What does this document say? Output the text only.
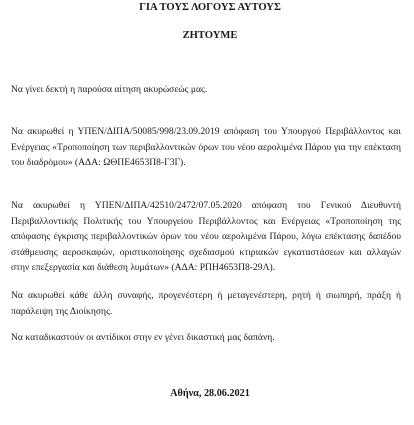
ΓΙΑ ΤΟΥΣ ΛΟΓΟΥΣ ΑΥΤΟΥΣ

ΖΗΤΟΥΜΕ

Να γίνει δεκτή η παρούσα αίτηση ακυρώσεώς μας.

Να ακυρωθεί η ΥΠΕΝ/ΔΙΠΑ/50085/998/23.09.2019 απόφαση του Υπουργού Περιβάλλοντος και Ενέργειας «Τροποποίηση των περιβαλλοντικών όρων του νέου αερολιμένα Πάρου για την επέκταση του διαδρόμου» (ΑΔΑ: ΩΘΠΕ4653Π8-Γ3Γ).

Να ακυρωθεί η ΥΠΕΝ/ΔΙΠΑ/42510/2472/07.05.2020 απόφαση του Γενικού Διευθυντή Περιβαλλοντικής Πολιτικής του Υπουργείου Περιβάλλοντος και Ενέργειας «Τροποποίηση της απόφασης έγκρισης περιβαλλοντικών όρων του νέου αερολιμένα Πάρου, λόγω επέκτασης δαπέδου στάθμευσης αεροσκαφών, οριστικοποίησης σχεδιασμού κτιριακών εγκαταστάσεων και αλλαγών στην επεξεργασία και διάθεση λυμάτων» (ΑΔΑ: ΡΠΗ4653Π8-29Λ).

Να ακυρωθεί κάθε άλλη συναφής, προγενέστερη ή μεταγενέστερη, ρητή ή σιωπηρή, πράξη ή παράλειψη της Διοίκησης.

Να καταδικαστούν οι αντίδικοι στην εν γένει δικαστική μας δαπάνη.

Αθήνα, 28.06.2021
